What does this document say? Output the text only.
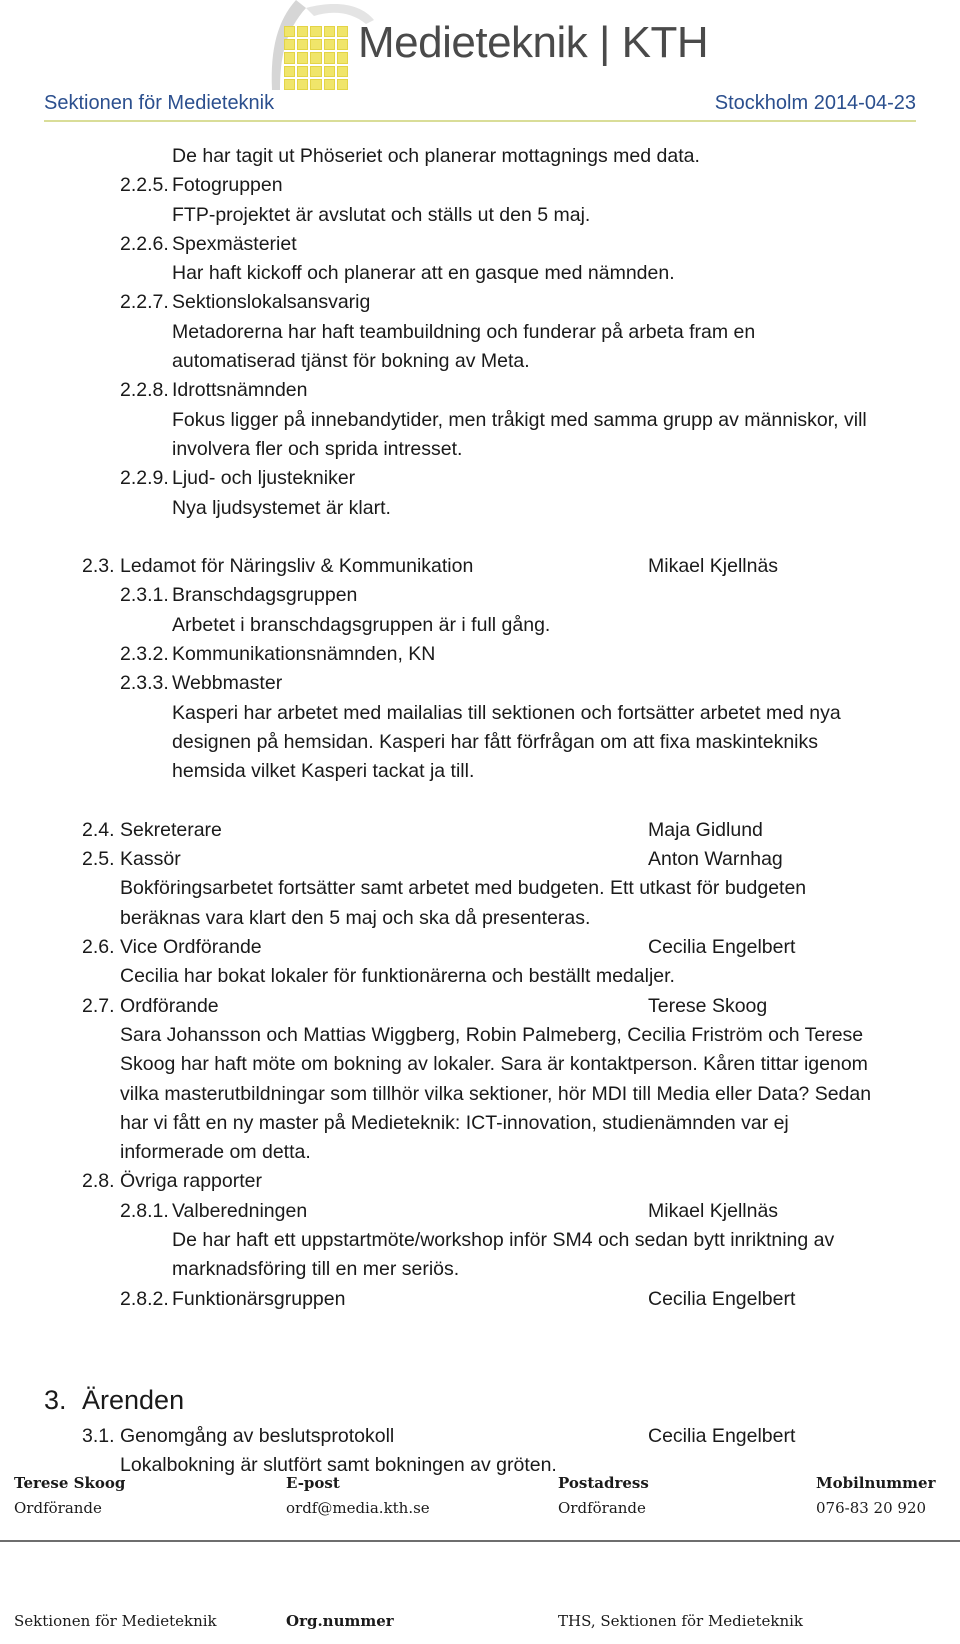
Medieteknik | KTH
Sektionen för Medieteknik	Stockholm 2014-04-23
De har tagit ut Phöseriet och planerar mottagnings med data.
2.2.5. Fotogruppen
FTP-projektet är avslutat och ställs ut den 5 maj.
2.2.6. Spexmästeriet
Har haft kickoff och planerar att en gasque med nämnden.
2.2.7. Sektionslokalsansvarig
Metadorerna har haft teambuildning och funderar på arbeta fram en
automatiserad tjänst för bokning av Meta.
2.2.8. Idrottsnämnden
Fokus ligger på innebandytider, men tråkigt med samma grupp av människor, vill
involvera fler och sprida intresset.
2.2.9. Ljud- och ljustekniker
Nya ljudsystemet är klart.
2.3. Ledamot för Näringsliv & Kommunikation	Mikael Kjellnäs
2.3.1. Branschdagsgruppen
Arbetet i branschdagsgruppen är i full gång.
2.3.2. Kommunikationsnämnden, KN
2.3.3. Webbmaster
Kasperi har arbetet med mailalias till sektionen och fortsätter arbetet med nya
designen på hemsidan. Kasperi har fått förfrågan om att fixa maskintekniks
hemsida vilket Kasperi tackat ja till.
2.4. Sekreterare	Maja Gidlund
2.5. Kassör	Anton Warnhag
Bokföringsarbetet fortsätter samt arbetet med budgeten. Ett utkast för budgeten
beräknas vara klart den 5 maj och ska då presenteras.
2.6. Vice Ordförande	Cecilia Engelbert
Cecilia har bokat lokaler för funktionärerna och beställt medaljer.
2.7. Ordförande	Terese Skoog
Sara Johansson och Mattias Wiggberg, Robin Palmeberg, Cecilia Friström och Terese
Skoog har haft möte om bokning av lokaler. Sara är kontaktperson. Kåren tittar igenom
vilka masterutbildningar som tillhör vilka sektioner, hör MDI till Media eller Data? Sedan
har vi fått en ny master på Medieteknik: ICT-innovation, studienämnden var ej
informerade om detta.
2.8. Övriga rapporter
2.8.1. Valberedningen	Mikael Kjellnäs
De har haft ett uppstartmöte/workshop inför SM4 och sedan bytt inriktning av
marknadsföring till en mer seriös.
2.8.2. Funktionärsgruppen	Cecilia Engelbert
3. Ärenden
3.1. Genomgång av beslutsprotokoll	Cecilia Engelbert
Lokalbokning är slutfört samt bokningen av gröten.
Terese Skoog	E-post	Postadress	Mobilnummer
Ordförande	ordf@media.kth.se	Ordförande	076-83 20 920
Sektionen för Medieteknik	Org.nummer	THS, Sektionen för Medieteknik
